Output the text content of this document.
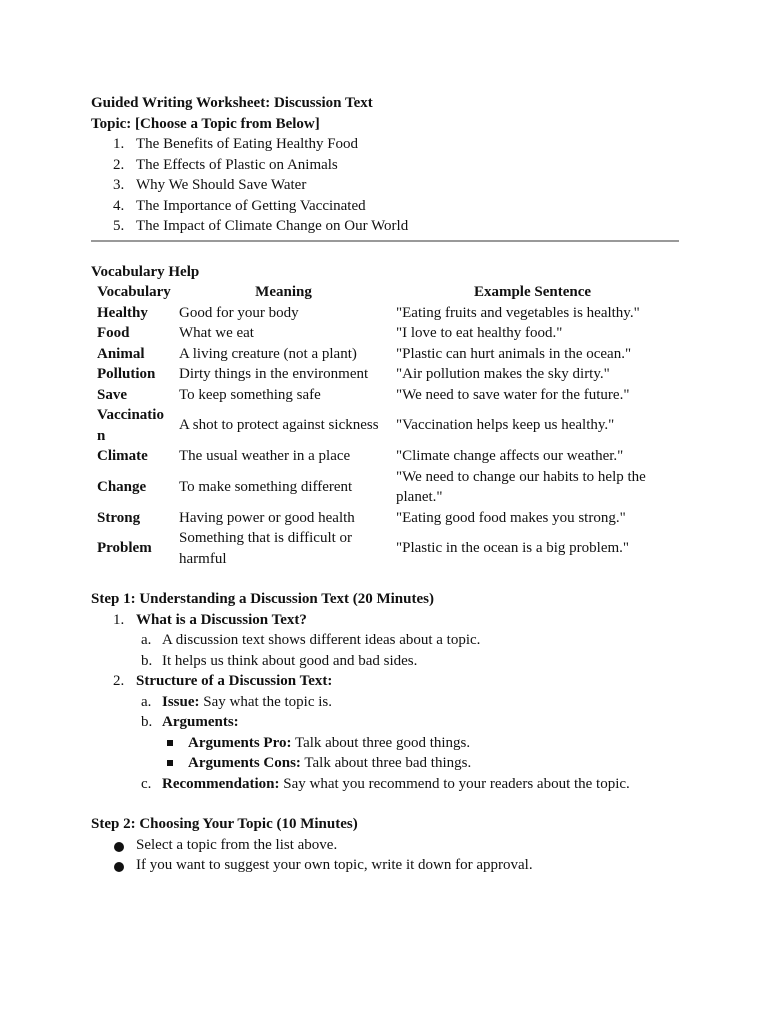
Guided Writing Worksheet: Discussion Text

Topic: [Choose a Topic from Below]

1. The Benefits of Eating Healthy Food
2. The Effects of Plastic on Animals
3. Why We Should Save Water
4. The Importance of Getting Vaccinated
5. The Impact of Climate Change on Our World

Vocabulary Help

Vocabulary	Meaning	Example Sentence
Healthy	Good for your body	"Eating fruits and vegetables is healthy."
Food	What we eat	"I love to eat healthy food."
Animal	A living creature (not a plant)	"Plastic can hurt animals in the ocean."
Pollution	Dirty things in the environment	"Air pollution makes the sky dirty."
Save	To keep something safe	"We need to save water for the future."
Vaccination	A shot to protect against sickness	"Vaccination helps keep us healthy."
Climate	The usual weather in a place	"Climate change affects our weather."
Change	To make something different	"We need to change our habits to help the planet."
Strong	Having power or good health	"Eating good food makes you strong."
Problem	Something that is difficult or harmful	"Plastic in the ocean is a big problem."

Step 1: Understanding a Discussion Text (20 Minutes)

1. What is a Discussion Text?
a. A discussion text shows different ideas about a topic.
b. It helps us think about good and bad sides.
2. Structure of a Discussion Text:
a. Issue: Say what the topic is.
b. Arguments:
Arguments Pro: Talk about three good things.
Arguments Cons: Talk about three bad things.
c. Recommendation: Say what you recommend to your readers about the topic.

Step 2: Choosing Your Topic (10 Minutes)

Select a topic from the list above.
If you want to suggest your own topic, write it down for approval.
